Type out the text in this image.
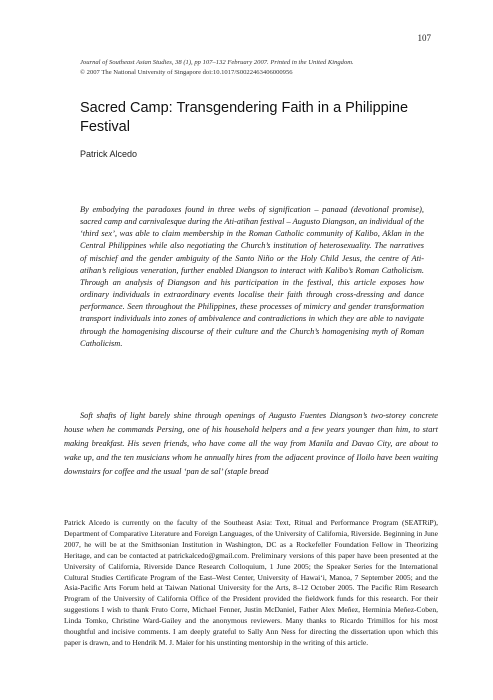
107
Journal of Southeast Asian Studies, 38 (1), pp 107–132 February 2007. Printed in the United Kingdom.
© 2007 The National University of Singapore doi:10.1017/S0022463406000956
Sacred Camp: Transgendering Faith in a Philippine Festival
Patrick Alcedo

By embodying the paradoxes found in three webs of signification – panaad (devotional promise), sacred camp and carnivalesque during the Ati-atihan festival – Augusto Diangson, an individual of the ‘third sex’, was able to claim membership in the Roman Catholic community of Kalibo, Aklan in the Central Philippines while also negotiating the Church’s institution of heterosexuality. The narratives of mischief and the gender ambiguity of the Santo Niño or the Holy Child Jesus, the centre of Ati-atihan’s religious veneration, further enabled Diangson to interact with Kalibo’s Roman Catholicism. Through an analysis of Diangson and his participation in the festival, this article exposes how ordinary individuals in extraordinary events localise their faith through cross-dressing and dance performance. Seen throughout the Philippines, these processes of mimicry and gender transformation transport individuals into zones of ambivalence and contradictions in which they are able to navigate through the homogenising discourse of their culture and the Church’s homogenising myth of Roman Catholicism.

Soft shafts of light barely shine through openings of Augusto Fuentes Diangson’s two-storey concrete house when he commands Persing, one of his household helpers and a few years younger than him, to start making breakfast. His seven friends, who have come all the way from Manila and Davao City, are about to wake up, and the ten musicians whom he annually hires from the adjacent province of Iloilo have been waiting downstairs for coffee and the usual ‘pan de sal’ (staple bread

Patrick Alcedo is currently on the faculty of the Southeast Asia: Text, Ritual and Performance Program (SEATRiP), Department of Comparative Literature and Foreign Languages, of the University of California, Riverside. Beginning in June 2007, he will be at the Smithsonian Institution in Washington, DC as a Rockefeller Foundation Fellow in Theorizing Heritage, and can be contacted at patrickalcedo@gmail.com. Preliminary versions of this paper have been presented at the University of California, Riverside Dance Research Colloquium, 1 June 2005; the Speaker Series for the International Cultural Studies Certificate Program of the East–West Center, University of Hawai‘i, Manoa, 7 September 2005; and the Asia-Pacific Arts Forum held at Taiwan National University for the Arts, 8–12 October 2005. The Pacific Rim Research Program of the University of California Office of the President provided the fieldwork funds for this research. For their suggestions I wish to thank Fruto Corre, Michael Fenner, Justin McDaniel, Father Alex Meñez, Herminia Meñez-Coben, Linda Tomko, Christine Ward-Gailey and the anonymous reviewers. Many thanks to Ricardo Trimillos for his most thoughtful and incisive comments. I am deeply grateful to Sally Ann Ness for directing the dissertation upon which this paper is drawn, and to Hendrik M. J. Maier for his unstinting mentorship in the writing of this article.
